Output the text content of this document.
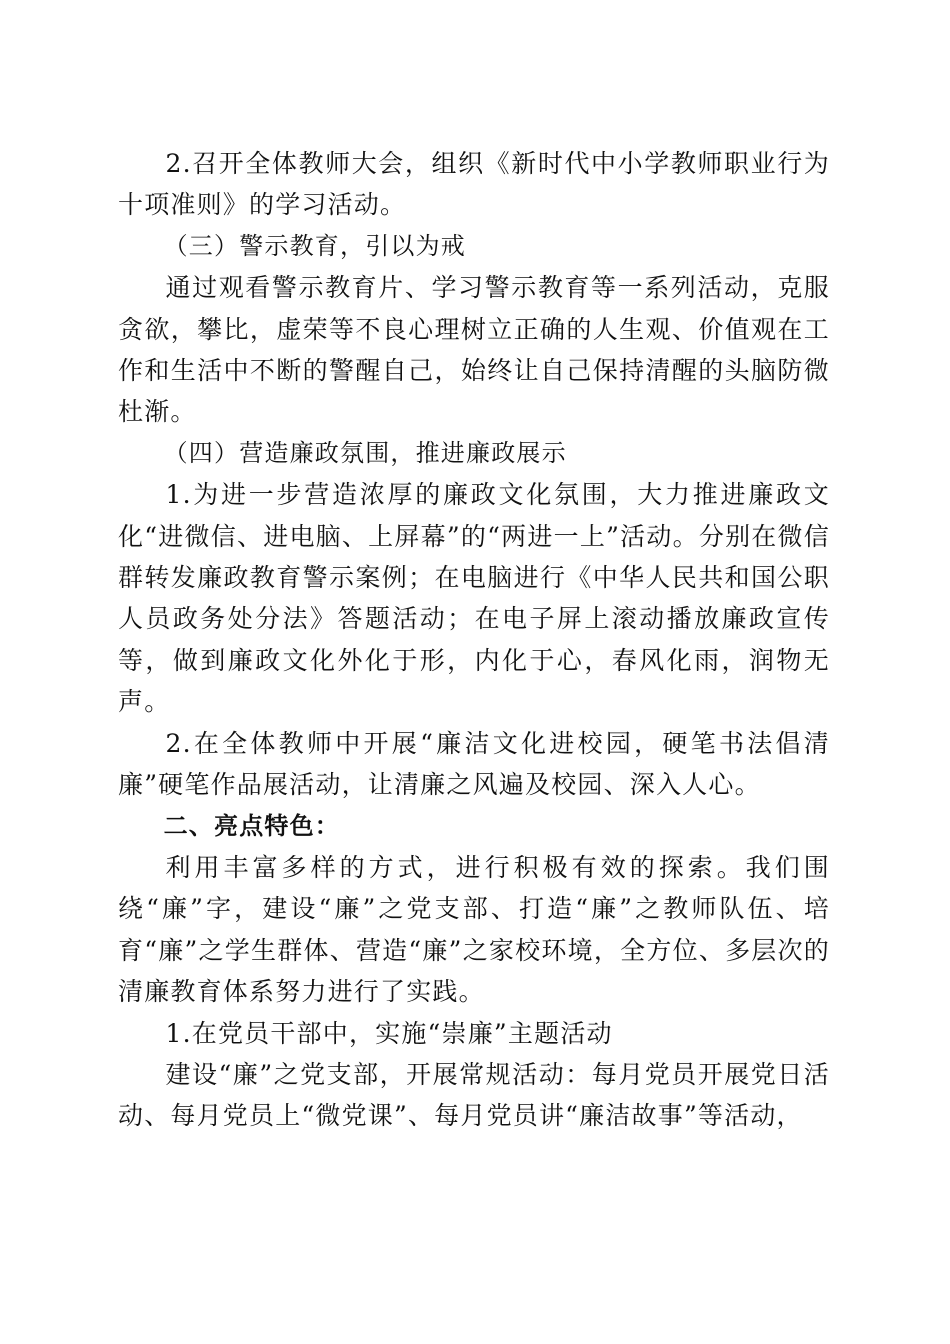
2.召开全体教师大会，组织《新时代中小学教师职业行为十项准则》的学习活动。

（三）警示教育，引以为戒

通过观看警示教育片、学习警示教育等一系列活动，克服贪欲，攀比，虚荣等不良心理树立正确的人生观、价值观在工作和生活中不断的警醒自己，始终让自己保持清醒的头脑防微杜渐。

（四）营造廉政氛围，推进廉政展示

1.为进一步营造浓厚的廉政文化氛围，大力推进廉政文化“进微信、进电脑、上屏幕”的“两进一上”活动。分别在微信群转发廉政教育警示案例；在电脑进行《中华人民共和国公职人员政务处分法》答题活动；在电子屏上滚动播放廉政宣传等，做到廉政文化外化于形，内化于心，春风化雨，润物无声。

2.在全体教师中开展“廉洁文化进校园，硬笔书法倡清廉”硬笔作品展活动，让清廉之风遍及校园、深入人心。

二、亮点特色：

利用丰富多样的方式，进行积极有效的探索。我们围绕“廉”字，建设“廉”之党支部、打造“廉”之教师队伍、培育“廉”之学生群体、营造“廉”之家校环境，全方位、多层次的清廉教育体系努力进行了实践。

1.在党员干部中，实施“崇廉”主题活动

建设“廉”之党支部，开展常规活动：每月党员开展党日活动、每月党员上“微党课”、每月党员讲“廉洁故事”等活动，
